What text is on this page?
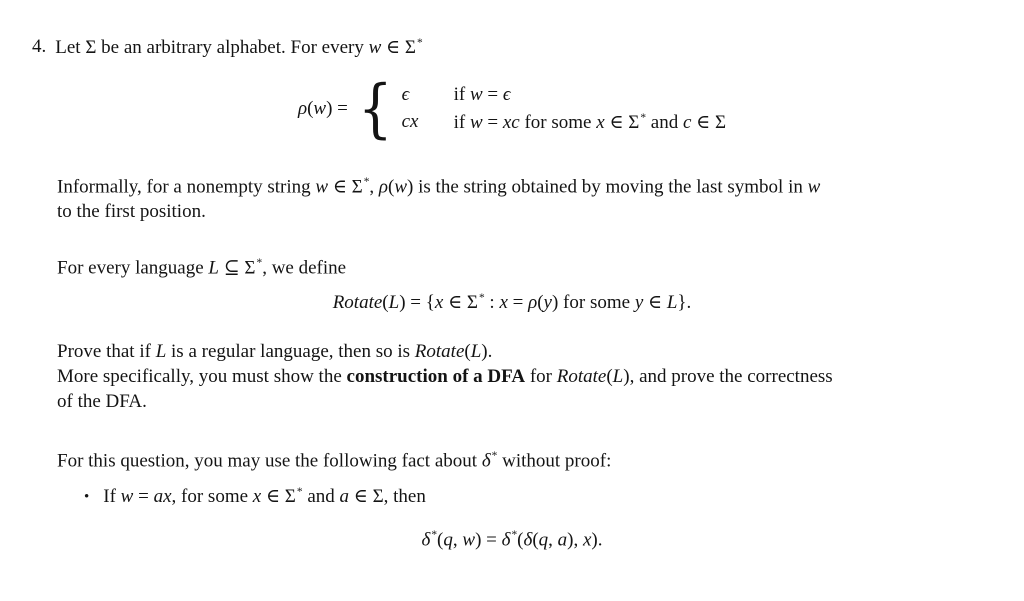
4. Let Σ be an arbitrary alphabet. For every w ∈ Σ*
ρ(w) = { ϵ	if w = ϵ
cx	if w = xc for some x ∈ Σ* and c ∈ Σ
Informally, for a nonempty string w ∈ Σ*, ρ(w) is the string obtained by moving the last symbol in w
to the first position.
For every language L ⊆ Σ*, we define
Rotate(L) = {x ∈ Σ* : x = ρ(y) for some y ∈ L}.
Prove that if L is a regular language, then so is Rotate(L).
More specifically, you must show the construction of a DFA for Rotate(L), and prove the correctness
of the DFA.
For this question, you may use the following fact about δ* without proof:
• If w = ax, for some x ∈ Σ* and a ∈ Σ, then
δ*(q, w) = δ*(δ(q, a), x).
